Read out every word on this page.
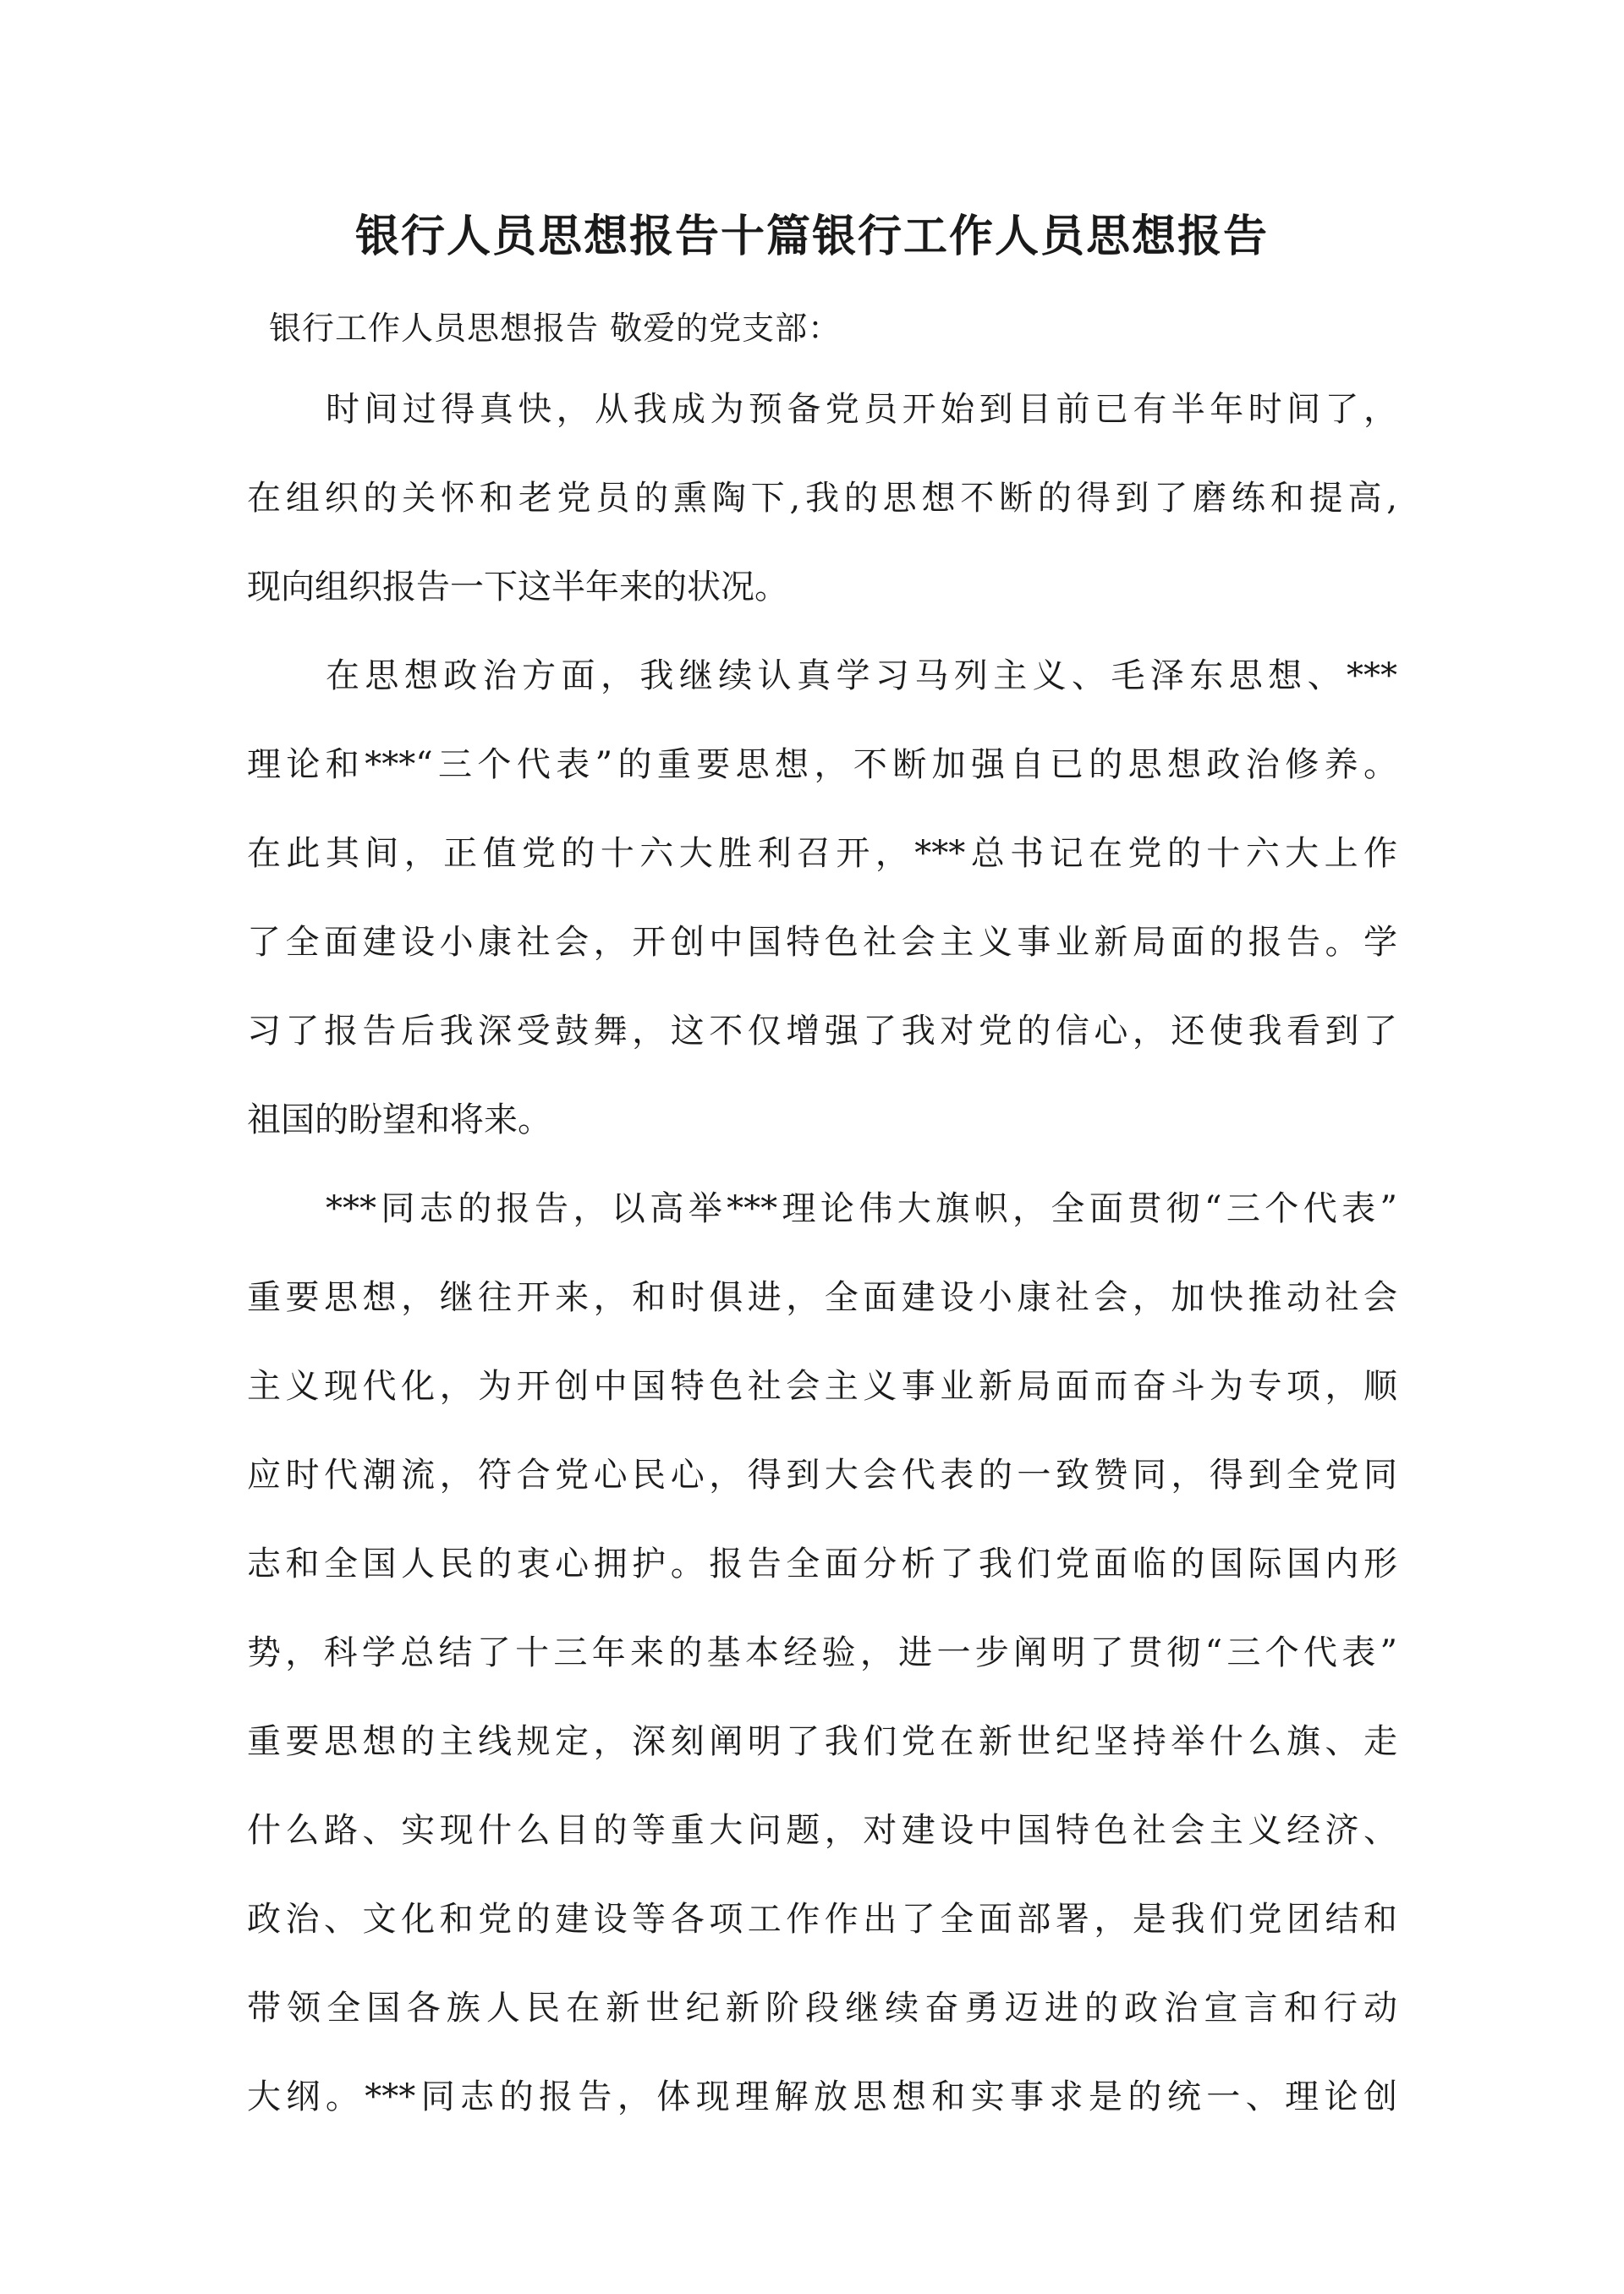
银行人员思想报告十篇银行工作人员思想报告
银行工作人员思想报告 敬爱的党支部：
时间过得真快，从我成为预备党员开始到目前已有半年时间了，
在组织的关怀和老党员的熏陶下,我的思想不断的得到了磨练和提高,
现向组织报告一下这半年来的状况。
在思想政治方面，我继续认真学习马列主义、毛泽东思想、***
理论和***“三个代表”的重要思想，不断加强自已的思想政治修养。
在此其间，正值党的十六大胜利召开，***总书记在党的十六大上作
了全面建设小康社会，开创中国特色社会主义事业新局面的报告。学
习了报告后我深受鼓舞，这不仅增强了我对党的信心，还使我看到了
祖国的盼望和将来。
***同志的报告，以高举***理论伟大旗帜，全面贯彻“三个代表”
重要思想，继往开来，和时俱进，全面建设小康社会，加快推动社会
主义现代化，为开创中国特色社会主义事业新局面而奋斗为专项，顺
应时代潮流，符合党心民心，得到大会代表的一致赞同，得到全党同
志和全国人民的衷心拥护。报告全面分析了我们党面临的国际国内形
势，科学总结了十三年来的基本经验，进一步阐明了贯彻“三个代表”
重要思想的主线规定，深刻阐明了我们党在新世纪坚持举什么旗、走
什么路、实现什么目的等重大问题，对建设中国特色社会主义经济、
政治、文化和党的建设等各项工作作出了全面部署，是我们党团结和
带领全国各族人民在新世纪新阶段继续奋勇迈进的政治宣言和行动
大纲。***同志的报告，体现理解放思想和实事求是的统一、理论创
